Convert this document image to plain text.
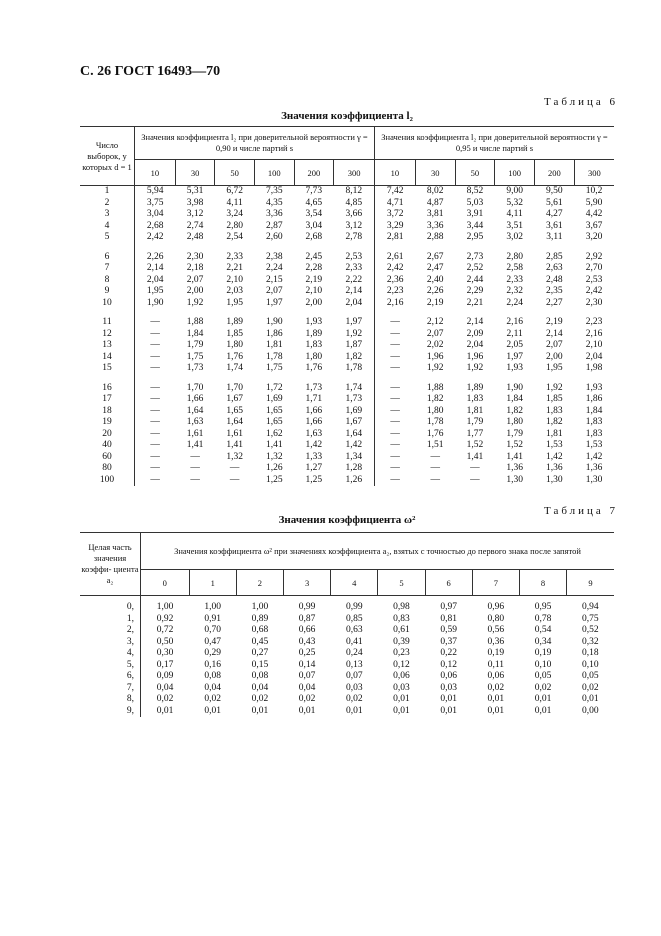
С. 26 ГОСТ 16493—70
Таблица 6
Значения коэффициента l₂
Число выборок, у которых d = 1	Значения коэффициента l₂ при доверительной вероятности γ = 0,90 и числе партий s						Значения коэффициента l₂ при доверительной вероятности γ = 0,95 и числе партий s					
	10	30	50	100	200	300	10	30	50	100	200	300
1	5,94	5,31	6,72	7,35	7,73	8,12	7,42	8,02	8,52	9,00	9,50	10,2
2	3,75	3,98	4,11	4,35	4,65	4,85	4,71	4,87	5,03	5,32	5,61	5,90
3	3,04	3,12	3,24	3,36	3,54	3,66	3,72	3,81	3,91	4,11	4,27	4,42
4	2,68	2,74	2,80	2,87	3,04	3,12	3,29	3,36	3,44	3,51	3,61	3,67
5	2,42	2,48	2,54	2,60	2,68	2,78	2,81	2,88	2,95	3,02	3,11	3,20

6	2,26	2,30	2,33	2,38	2,45	2,53	2,61	2,67	2,73	2,80	2,85	2,92
7	2,14	2,18	2,21	2,24	2,28	2,33	2,42	2,47	2,52	2,58	2,63	2,70
8	2,04	2,07	2,10	2,15	2,19	2,22	2,36	2,40	2,44	2,33	2,48	2,53
9	1,95	2,00	2,03	2,07	2,10	2,14	2,23	2,26	2,29	2,32	2,35	2,42
10	1,90	1,92	1,95	1,97	2,00	2,04	2,16	2,19	2,21	2,24	2,27	2,30

11	—	1,88	1,89	1,90	1,93	1,97	—	2,12	2,14	2,16	2,19	2,23
12	—	1,84	1,85	1,86	1,89	1,92	—	2,07	2,09	2,11	2,14	2,16
13	—	1,79	1,80	1,81	1,83	1,87	—	2,02	2,04	2,05	2,07	2,10
14	—	1,75	1,76	1,78	1,80	1,82	—	1,96	1,96	1,97	2,00	2,04
15	—	1,73	1,74	1,75	1,76	1,78	—	1,92	1,92	1,93	1,95	1,98

16	—	1,70	1,70	1,72	1,73	1,74	—	1,88	1,89	1,90	1,92	1,93
17	—	1,66	1,67	1,69	1,71	1,73	—	1,82	1,83	1,84	1,85	1,86
18	—	1,64	1,65	1,65	1,66	1,69	—	1,80	1,81	1,82	1,83	1,84
19	—	1,63	1,64	1,65	1,66	1,67	—	1,78	1,79	1,80	1,82	1,83
20	—	1,61	1,61	1,62	1,63	1,64	—	1,76	1,77	1,79	1,81	1,83
40	—	1,41	1,41	1,41	1,42	1,42	—	1,51	1,52	1,52	1,53	1,53
60	—	—	1,32	1,32	1,33	1,34	—	—	1,41	1,41	1,42	1,42
80	—	—	—	1,26	1,27	1,28	—	—	—	1,36	1,36	1,36
100	—	—	—	1,25	1,25	1,26	—	—	—	1,30	1,30	1,30
Таблица 7
Значения коэффициента ω²
Целая часть значения коэффи- циента a₂	Значения коэффициента ω² при значениях коэффициента a₂, взятых с точностью до первого знака после запятой									
	0	1	2	3	4	5	6	7	8	9
0,	1,00	1,00	1,00	0,99	0,99	0,98	0,97	0,96	0,95	0,94
1,	0,92	0,91	0,89	0,87	0,85	0,83	0,81	0,80	0,78	0,75
2,	0,72	0,70	0,68	0,66	0,63	0,61	0,59	0,56	0,54	0,52
3,	0,50	0,47	0,45	0,43	0,41	0,39	0,37	0,36	0,34	0,32
4,	0,30	0,29	0,27	0,25	0,24	0,23	0,22	0,19	0,19	0,18
5,	0,17	0,16	0,15	0,14	0,13	0,12	0,12	0,11	0,10	0,10
6,	0,09	0,08	0,08	0,07	0,07	0,06	0,06	0,06	0,05	0,05
7,	0,04	0,04	0,04	0,04	0,03	0,03	0,03	0,02	0,02	0,02
8,	0,02	0,02	0,02	0,02	0,02	0,01	0,01	0,01	0,01	0,01
9,	0,01	0,01	0,01	0,01	0,01	0,01	0,01	0,01	0,01	0,00
